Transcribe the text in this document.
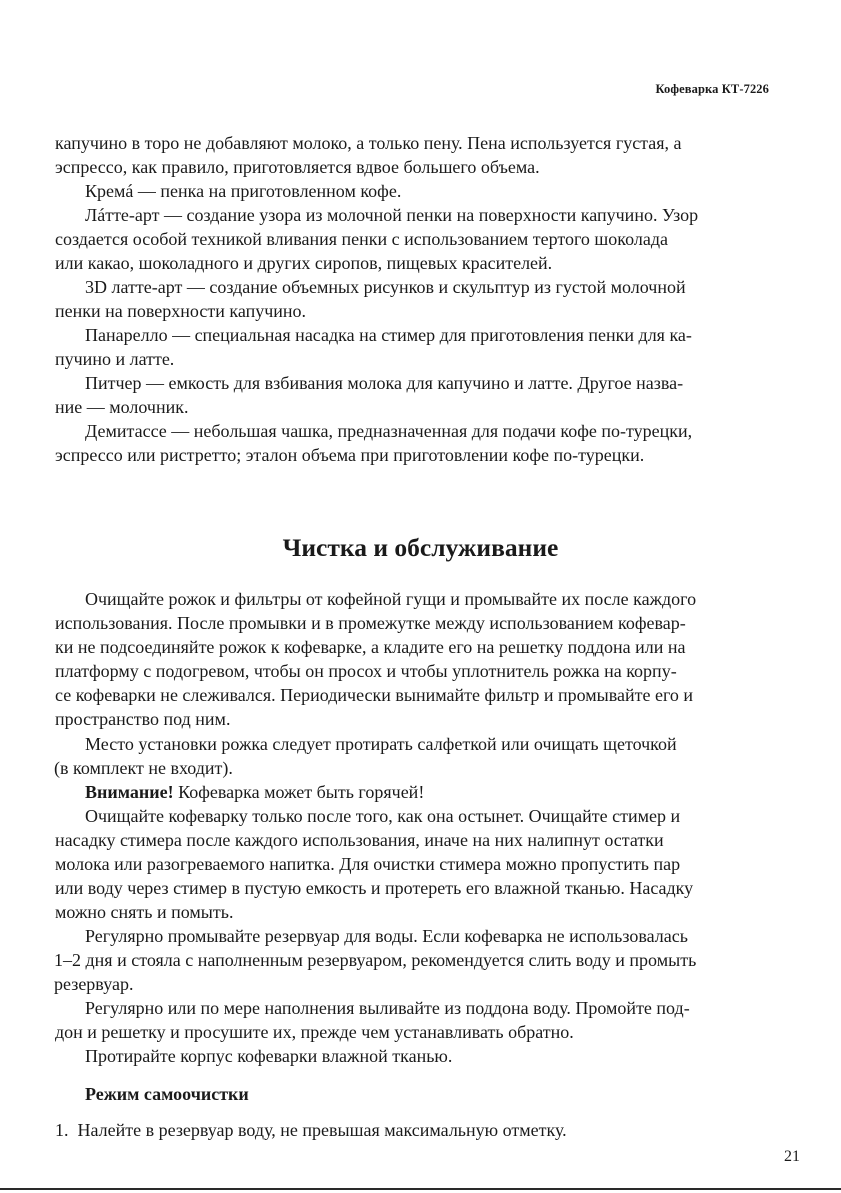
Кофеварка КТ-7226
капучино в торо не добавляют молоко, а только пену. Пена используется густая, а
эспрессо, как правило, приготовляется вдвое большего объема.
Кремá — пенка на приготовленном кофе.
Лáтте-арт — создание узора из молочной пенки на поверхности капучино. Узор
создается особой техникой вливания пенки с использованием тертого шоколада
или какао, шоколадного и других сиропов, пищевых красителей.
3D латте-арт — создание объемных рисунков и скульптур из густой молочной
пенки на поверхности капучино.
Панарелло — специальная насадка на стимер для приготовления пенки для ка-
пучино и латте.
Питчер — емкость для взбивания молока для капучино и латте. Другое назва-
ние — молочник.
Демитассе — небольшая чашка, предназначенная для подачи кофе по-турецки,
эспрессо или ристретто; эталон объема при приготовлении кофе по-турецки.
Чистка и обслуживание
Очищайте рожок и фильтры от кофейной гущи и промывайте их после каждого
использования. После промывки и в промежутке между использованием кофевар-
ки не подсоединяйте рожок к кофеварке, а кладите его на решетку поддона или на
платформу с подогревом, чтобы он просох и чтобы уплотнитель рожка на корпу-
се кофеварки не слеживался. Периодически вынимайте фильтр и промывайте его и
пространство под ним.
Место установки рожка следует протирать салфеткой или очищать щеточкой
(в комплект не входит).
Внимание! Кофеварка может быть горячей!
Очищайте кофеварку только после того, как она остынет. Очищайте стимер и
насадку стимера после каждого использования, иначе на них налипнут остатки
молока или разогреваемого напитка. Для очистки стимера можно пропустить пар
или воду через стимер в пустую емкость и протереть его влажной тканью. Насадку
можно снять и помыть.
Регулярно промывайте резервуар для воды. Если кофеварка не использовалась
1–2 дня и стояла с наполненным резервуаром, рекомендуется слить воду и промыть
резервуар.
Регулярно или по мере наполнения выливайте из поддона воду. Промойте под-
дон и решетку и просушите их, прежде чем устанавливать обратно.
Протирайте корпус кофеварки влажной тканью.
Режим самоочистки
1.  Налейте в резервуар воду, не превышая максимальную отметку.
21
